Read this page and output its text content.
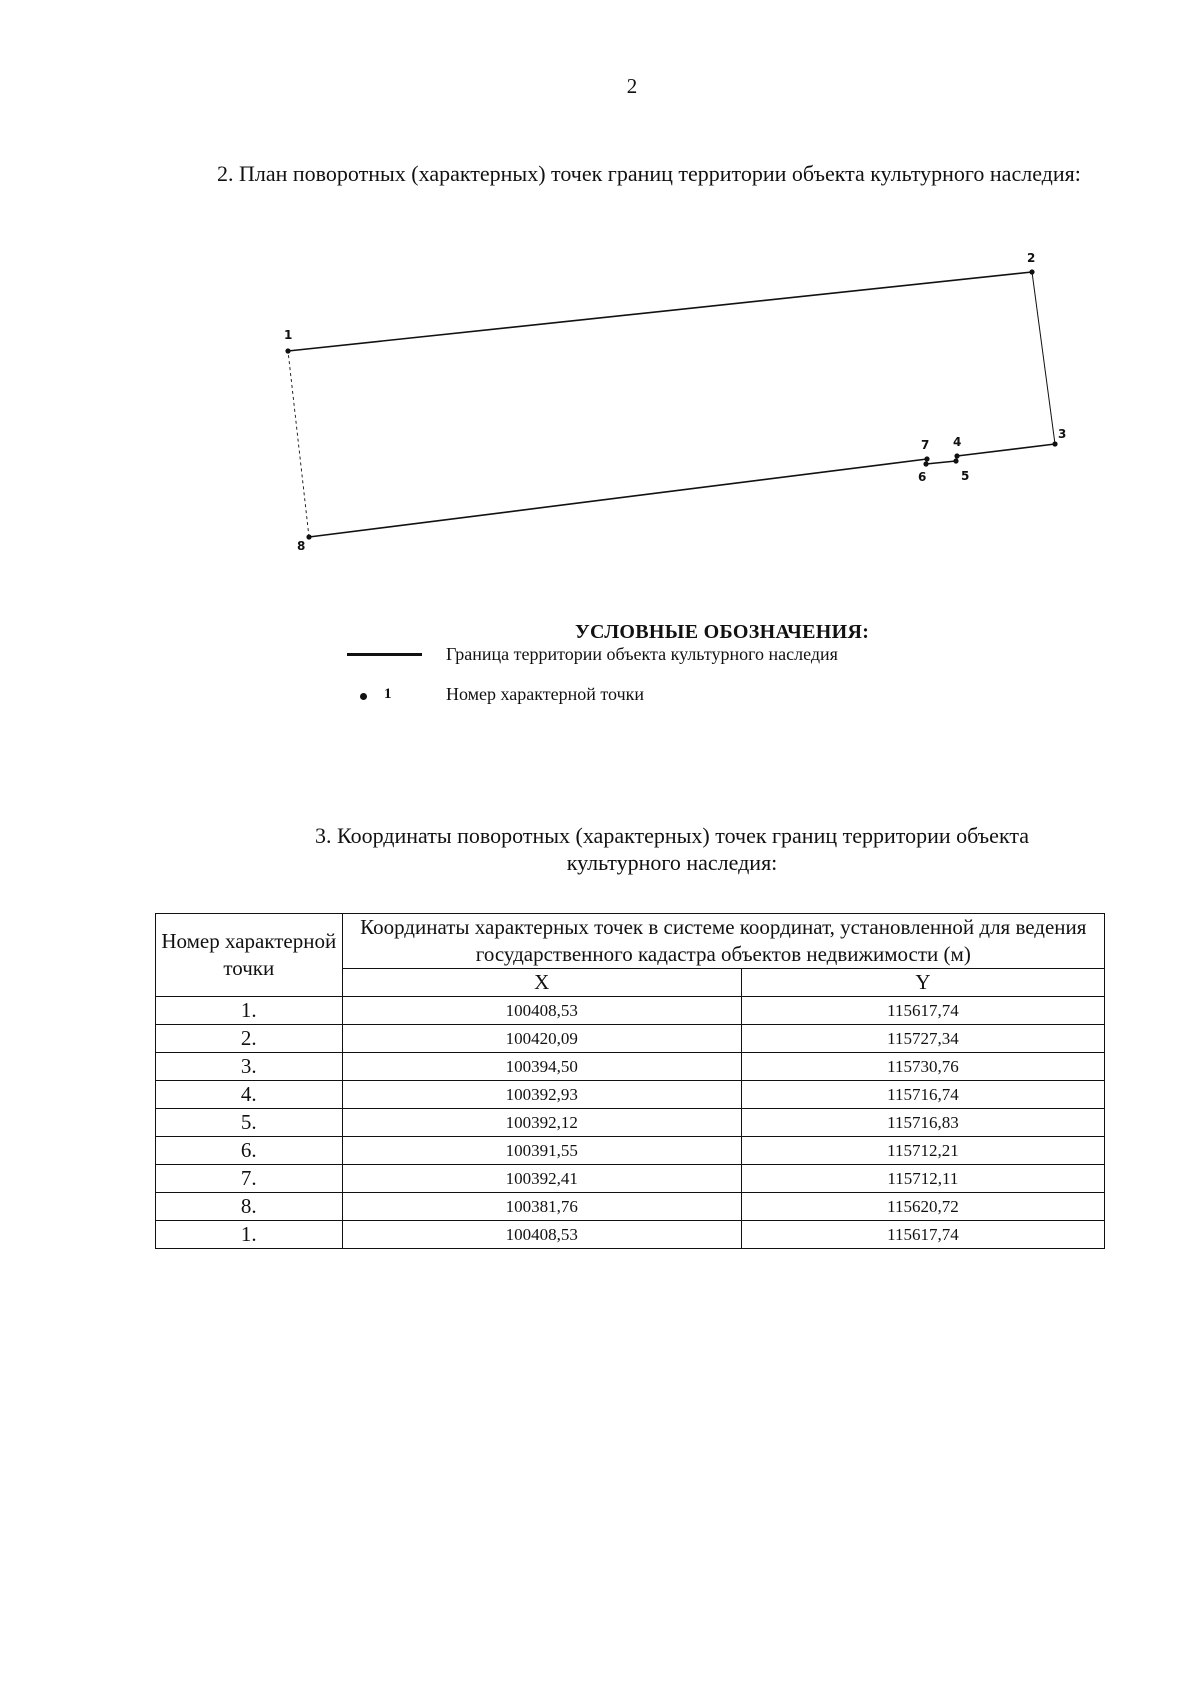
2
2. План поворотных (характерных) точек границ территории объекта культурного наследия:
1
2
3
4
5
6
7
8
УСЛОВНЫЕ ОБОЗНАЧЕНИЯ:
Граница территории объекта культурного наследия
1	Номер характерной точки
3. Координаты поворотных (характерных) точек границ территории объекта культурного наследия:
Номер характерной точки	Координаты характерных точек в системе координат, установленной для ведения государственного кадастра объектов недвижимости (м)	
	X	Y
1.	100408,53	115617,74
2.	100420,09	115727,34
3.	100394,50	115730,76
4.	100392,93	115716,74
5.	100392,12	115716,83
6.	100391,55	115712,21
7.	100392,41	115712,11
8.	100381,76	115620,72
1.	100408,53	115617,74
